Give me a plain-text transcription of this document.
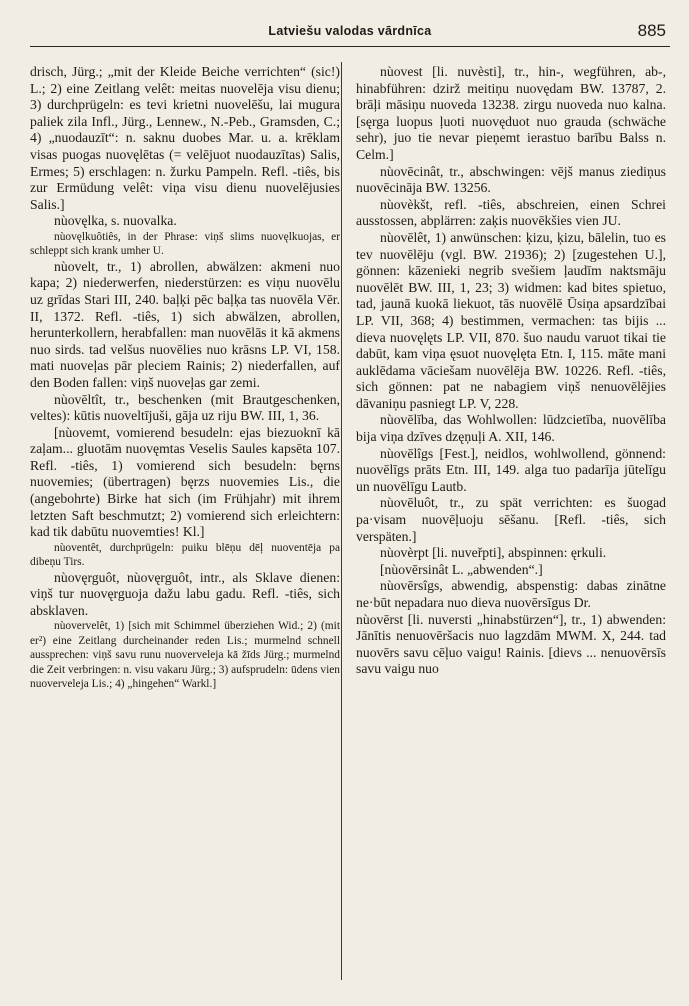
Latviešu valodas vārdnīca	885

drisch, Jürg.; „mit der Kleide Beiche verrichten“ (sic!) L.; 2) eine Zeitlang velêt: meitas nuovelēja visu dienu; 3) durchprügeln: es tevi krietni nuovelēšu, lai mugura paliek zila Infl., Jürg., Lennew., N.-Peb., Gramsden, C.; 4) „nuodauzīt“: n. saknu duobes Mar. u. a. krēklam visas puogas nuovęlētas (= velējuot nuodauzītas) Salis, Ermes; 5) erschlagen: n. žurku Pampeln. Refl. -tiês, bis zur Ermüdung velêt: viņa visu dienu nuovelējusies Salis.]

nùovęlka, s. nuovalka.

nùovęlkuôtiês, in der Phrase: viņš slims nuovęlkuojas, er schleppt sich krank umher U.

nùovelt, tr., 1) abrollen, abwälzen: akmeni nuo kapa; 2) niederwerfen, niederstürzen: es viņu nuovēlu uz grīdas Stari III, 240. baļķi pēc baļķa tas nuovēla Vēr. II, 1372. Refl. -tiês, 1) sich abwälzen, abrollen, herunterkollern, herabfallen: man nuovēlās it kā akmens nuo sirds. tad velšus nuovēlies nuo krāsns LP. VI, 158. mati nuoveļas pār pleciem Rainis; 2) niederfallen, auf den Boden fallen: viņš nuoveļas gar zemi.

nùovēltît, tr., beschenken (mit Brautgeschenken, veltes): kūtis nuoveltījuši, gāja uz riju BW. III, 1, 36.

[nùovemt, vomierend besudeln: ejas biezuoknī kā zaļam... gluotām nuovęmtas Veselis Saules kapsēta 107. Refl. -tiês, 1) vomierend sich besudeln: bęrns nuovemies; (übertragen) bęrzs nuovemies Lis., die (angebohrte) Birke hat sich (im Frühjahr) mit ihrem letzten Saft beschmutzt; 2) vomierend sich erleichtern: kad tik dabūtu nuovemties! Kl.]

nùoventêt, durchprügeln: puiku blēņu dēļ nuoventēja pa dibeņu Tirs.

nùovęrguôt, nùovęrguôt, intr., als Sklave dienen: viņš tur nuovęrguoja dažu labu gadu. Refl. -tiês, sich absklaven.

nùovervelêt, 1) [sich mit Schimmel überziehen Wid.; 2) (mit er²) eine Zeitlang durcheinander reden Lis.; murmelnd schnell aussprechen: viņš savu runu nuoverveleja kā žīds Jürg.; murmelnd die Zeit verbringen: n. visu vakaru Jürg.; 3) aufsprudeln: ūdens vien nuoverveleja Lis.; 4) „hingehen“ Warkl.]

nùovest [li. nuvèsti], tr., hin-, wegführen, ab-, hinabführen: dzirž meitiņu nuovędam BW. 13787, 2. brāļi māsiņu nuoveda 13238. zirgu nuoveda nuo kalna. [sęrga luopus ļuoti nuovęduot nuo grauda (schwäche sehr), juo tie nevar pieņemt ierastuo barību Balss n. Celm.]

nùovēcinât, tr., abschwingen: vējš manus ziediņus nuovēcināja BW. 13256.

nùovèkšt, refl. -tiês, abschreien, einen Schrei ausstossen, abplärren: zaķis nuovēkšies vien JU.

nùovēlêt, 1) anwünschen: ķizu, ķizu, bālelin, tuo es tev nuovēlēju (vgl. BW. 21936); 2) [zugestehen U.], gönnen: kāzenieki negrib svešiem ļaudīm naktsmāju nuovēlēt BW. III, 1, 23; 3) widmen: kad bites spietuo, tad, jaunā kuokā liekuot, tās nuovēlē Ūsiņa apsardzībai LP. VII, 368; 4) bestimmen, vermachen: tas bijis ... dieva nuovęlęts LP. VII, 870. šuo naudu varuot tikai tie dabūt, kam viņa ęsuot nuovęlęta Etn. I, 115. māte mani auklēdama vāciešam nuovēlēja BW. 10226. Refl. -tiês, sich gönnen: pat ne nabagiem viņš nenuovēlējies dāvaniņu pasniegt LP. V, 228.

nùovēlība, das Wohlwollen: lūdzcietība, nuovēlība bija viņa dzīves dzęņuļi A. XII, 146.

nùovēlîgs [Fest.], neidlos, wohlwollend, gönnend: nuovēlīgs prāts Etn. III, 149. alga tuo padarīja jūtelīgu un nuovēlīgu Lautb.

nùovēluôt, tr., zu spät verrichten: es šuogad pa·visam nuovēļuoju sēšanu. [Refl. -tiês, sich verspäten.]

nùovèrpt [li. nuveřpti], abspinnen: ęrkuli.

[nùovērsinât L. „abwenden“.]

nùovērsîgs, abwendig, abspenstig: dabas zinātne ne·būt nepadara nuo dieva nuovērsīgus Dr.

nùovērst [li. nuversti „hinabstürzen“], tr., 1) abwenden: Jānītis nenuovēršacis nuo lagzdām MWM. X, 244. tad nuovērs savu cēļuo vaigu! Rainis. [dievs ... nenuovērsīs savu vaigu nuo
